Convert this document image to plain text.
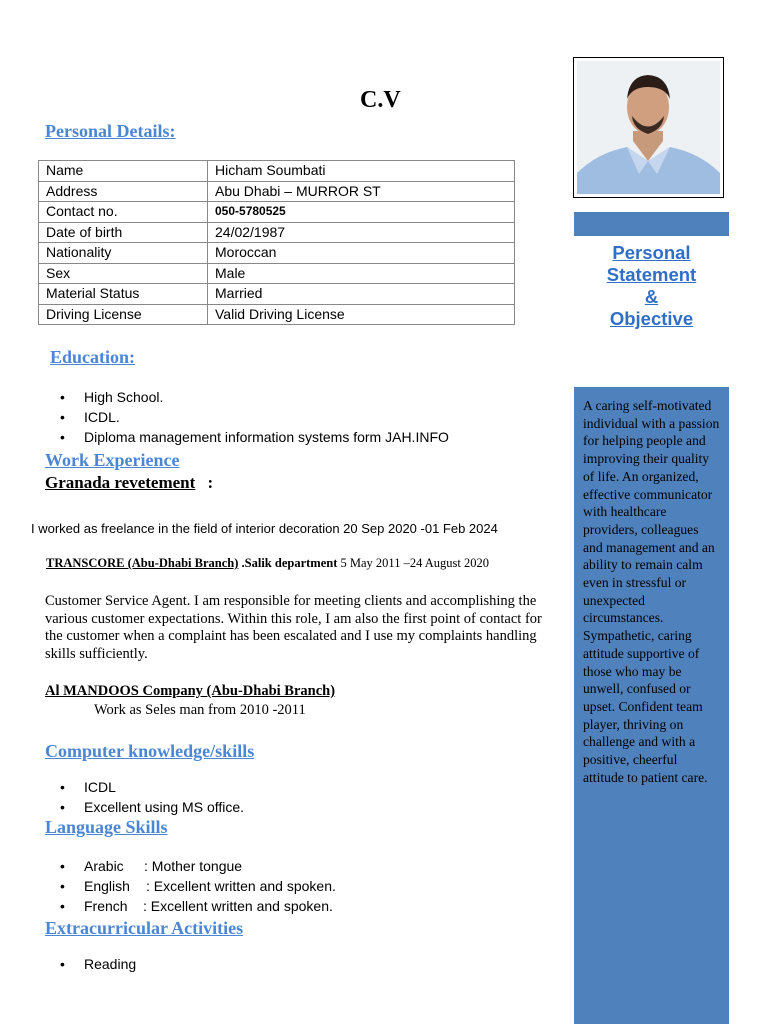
C.V
Personal Details:
Name	Hicham Soumbati
Address	Abu Dhabi – MURROR ST
Contact no.	050-5780525
Date of birth	24/02/1987
Nationality	Moroccan
Sex	Male
Material Status	Married
Driving License	Valid Driving License
Education:
• High School.
• ICDL.
• Diploma management information systems form JAH.INFO
Work Experience
Granada revetement :
I worked as freelance in the field of interior decoration 20 Sep 2020 -01 Feb 2024
TRANSCORE (Abu-Dhabi Branch) .Salik department 5 May 2011 –24 August 2020
Customer Service Agent. I am responsible for meeting clients and accomplishing the various customer expectations. Within this role, I am also the first point of contact for the customer when a complaint has been escalated and I use my complaints handling skills sufficiently.
Al MANDOOS Company (Abu-Dhabi Branch)
Work as Seles man from 2010 -2011
Computer knowledge/skills
• ICDL
• Excellent using MS office.
Language Skills
• Arabic : Mother tongue
• English : Excellent written and spoken.
• French : Excellent written and spoken.
Extracurricular Activities
• Reading
Personal
Statement
&
Objective
A caring self-motivated individual with a passion for helping people and improving their quality of life. An organized, effective communicator with healthcare providers, colleagues and management and an ability to remain calm even in stressful or unexpected circumstances. Sympathetic, caring attitude supportive of those who may be unwell, confused or upset. Confident team player, thriving on challenge and with a positive, cheerful attitude to patient care.
